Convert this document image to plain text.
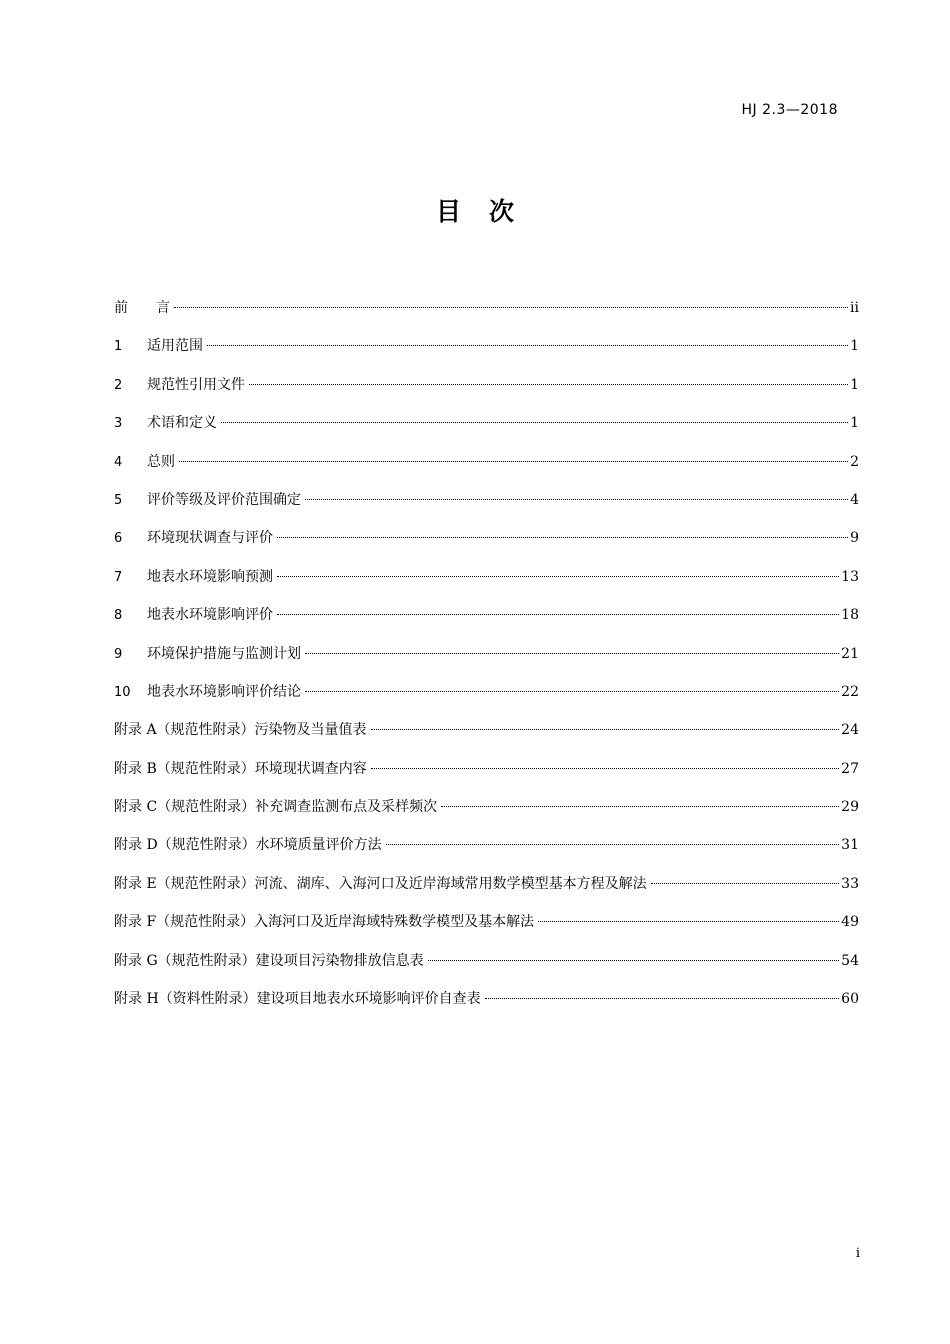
HJ 2.3—2018
目 次
前　　言	ii
1	适用范围	1
2	规范性引用文件	1
3	术语和定义	1
4	总则	2
5	评价等级及评价范围确定	4
6	环境现状调查与评价	9
7	地表水环境影响预测	13
8	地表水环境影响评价	18
9	环境保护措施与监测计划	21
10	地表水环境影响评价结论	22
附录 A（规范性附录）污染物及当量值表	24
附录 B（规范性附录）环境现状调查内容	27
附录 C（规范性附录）补充调查监测布点及采样频次	29
附录 D（规范性附录）水环境质量评价方法	31
附录 E（规范性附录）河流、湖库、入海河口及近岸海域常用数学模型基本方程及解法	33
附录 F（规范性附录）入海河口及近岸海域特殊数学模型及基本解法	49
附录 G（规范性附录）建设项目污染物排放信息表	54
附录 H（资料性附录）建设项目地表水环境影响评价自查表	60
i
